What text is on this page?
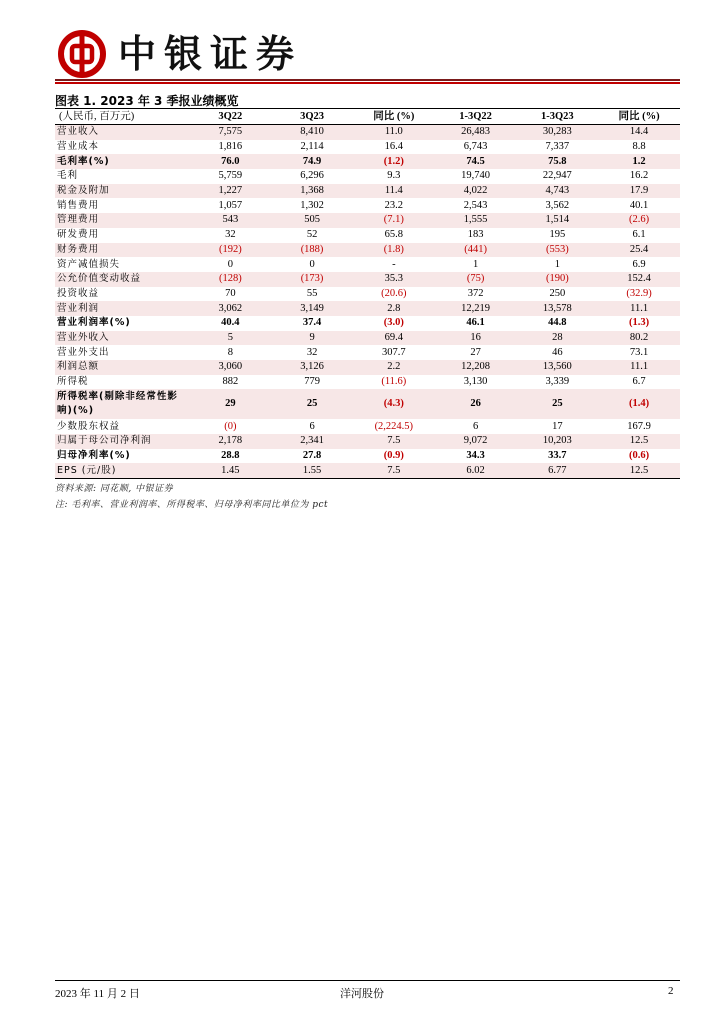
中银证券
图表 1. 2023 年 3 季报业绩概览
(人民币, 百万元)	3Q22	3Q23	同比 (%)	1-3Q22	1-3Q23	同比 (%)
营业收入	7,575	8,410	11.0	26,483	30,283	14.4
营业成本	1,816	2,114	16.4	6,743	7,337	8.8
毛利率(%)	76.0	74.9	(1.2)	74.5	75.8	1.2
毛利	5,759	6,296	9.3	19,740	22,947	16.2
税金及附加	1,227	1,368	11.4	4,022	4,743	17.9
销售费用	1,057	1,302	23.2	2,543	3,562	40.1
管理费用	543	505	(7.1)	1,555	1,514	(2.6)
研发费用	32	52	65.8	183	195	6.1
财务费用	(192)	(188)	(1.8)	(441)	(553)	25.4
资产减值损失	0	0	-	1	1	6.9
公允价值变动收益	(128)	(173)	35.3	(75)	(190)	152.4
投资收益	70	55	(20.6)	372	250	(32.9)
营业利润	3,062	3,149	2.8	12,219	13,578	11.1
营业利润率(%)	40.4	37.4	(3.0)	46.1	44.8	(1.3)
营业外收入	5	9	69.4	16	28	80.2
营业外支出	8	32	307.7	27	46	73.1
利润总额	3,060	3,126	2.2	12,208	13,560	11.1
所得税	882	779	(11.6)	3,130	3,339	6.7
所得税率(剔除非经常性影响)(%)	29	25	(4.3)	26	25	(1.4)
少数股东权益	(0)	6	(2,224.5)	6	17	167.9
归属于母公司净利润	2,178	2,341	7.5	9,072	10,203	12.5
归母净利率(%)	28.8	27.8	(0.9)	34.3	33.7	(0.6)
EPS (元/股)	1.45	1.55	7.5	6.02	6.77	12.5
资料来源: 同花顺, 中银证券
注: 毛利率、营业利润率、所得税率、归母净利率同比单位为 pct
2023 年 11 月 2 日	洋河股份	2
